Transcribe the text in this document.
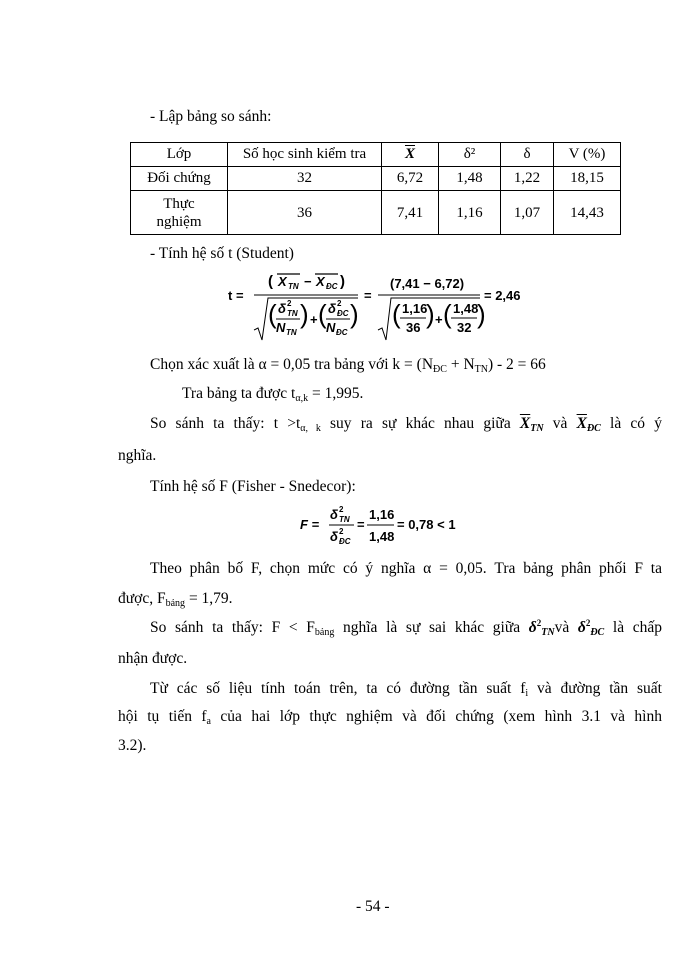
- Lập bảng so sánh:
Lớp	Số học sinh kiểm tra	$\overline{X}$	δ²	δ	V (%)
Đối chứng	32	6,72	1,48	1,22	18,15
Thực
nghiệm	36	7,41	1,16	1,07	14,43
- Tính hệ số t (Student)
t =
( X TN − X ĐC )
( δ 2
TN
N TN
) + ( δ 2
ĐC
N ĐC
)
=
(7,41 − 6,72)
( 1,16
36 ) + ( 1,48
32 )
= 2,46
Chọn xác xuất là α = 0,05 tra bảng với $k = (N_{ĐC} + N_{TN}) - 2 = 66$
Tra bảng ta được $t_{\alpha,k} = 1,995$.
So sánh ta thấy: $t >t_{\alpha, k}$ suy ra sự khác nhau giữa $\overline{X}_{TN}$ và $\overline{X}_{ĐC}$ là có ý
nghĩa.
Tính hệ số F (Fisher - Snedecor):
F =
δ 2
TN
δ 2
ĐC
=
1,16
1,48
= 0,78 < 1
Theo phân bố F, chọn mức có ý nghĩa α = 0,05. Tra bảng phân phối F ta
được, $F_{bảng} = 1,79$.
So sánh ta thấy: $F < F_{bảng}$ nghĩa là sự sai khác giữa $\delta^2_{TN}và$ $\delta^2_{ĐC}$ là chấp
nhận được.
Từ các số liệu tính toán trên, ta có đường tần suất $f_i$ và đường tần suất
hội tụ tiến $f_a$ của hai lớp thực nghiệm và đối chứng (xem hình 3.1 và hình
3.2).
- 54 -
